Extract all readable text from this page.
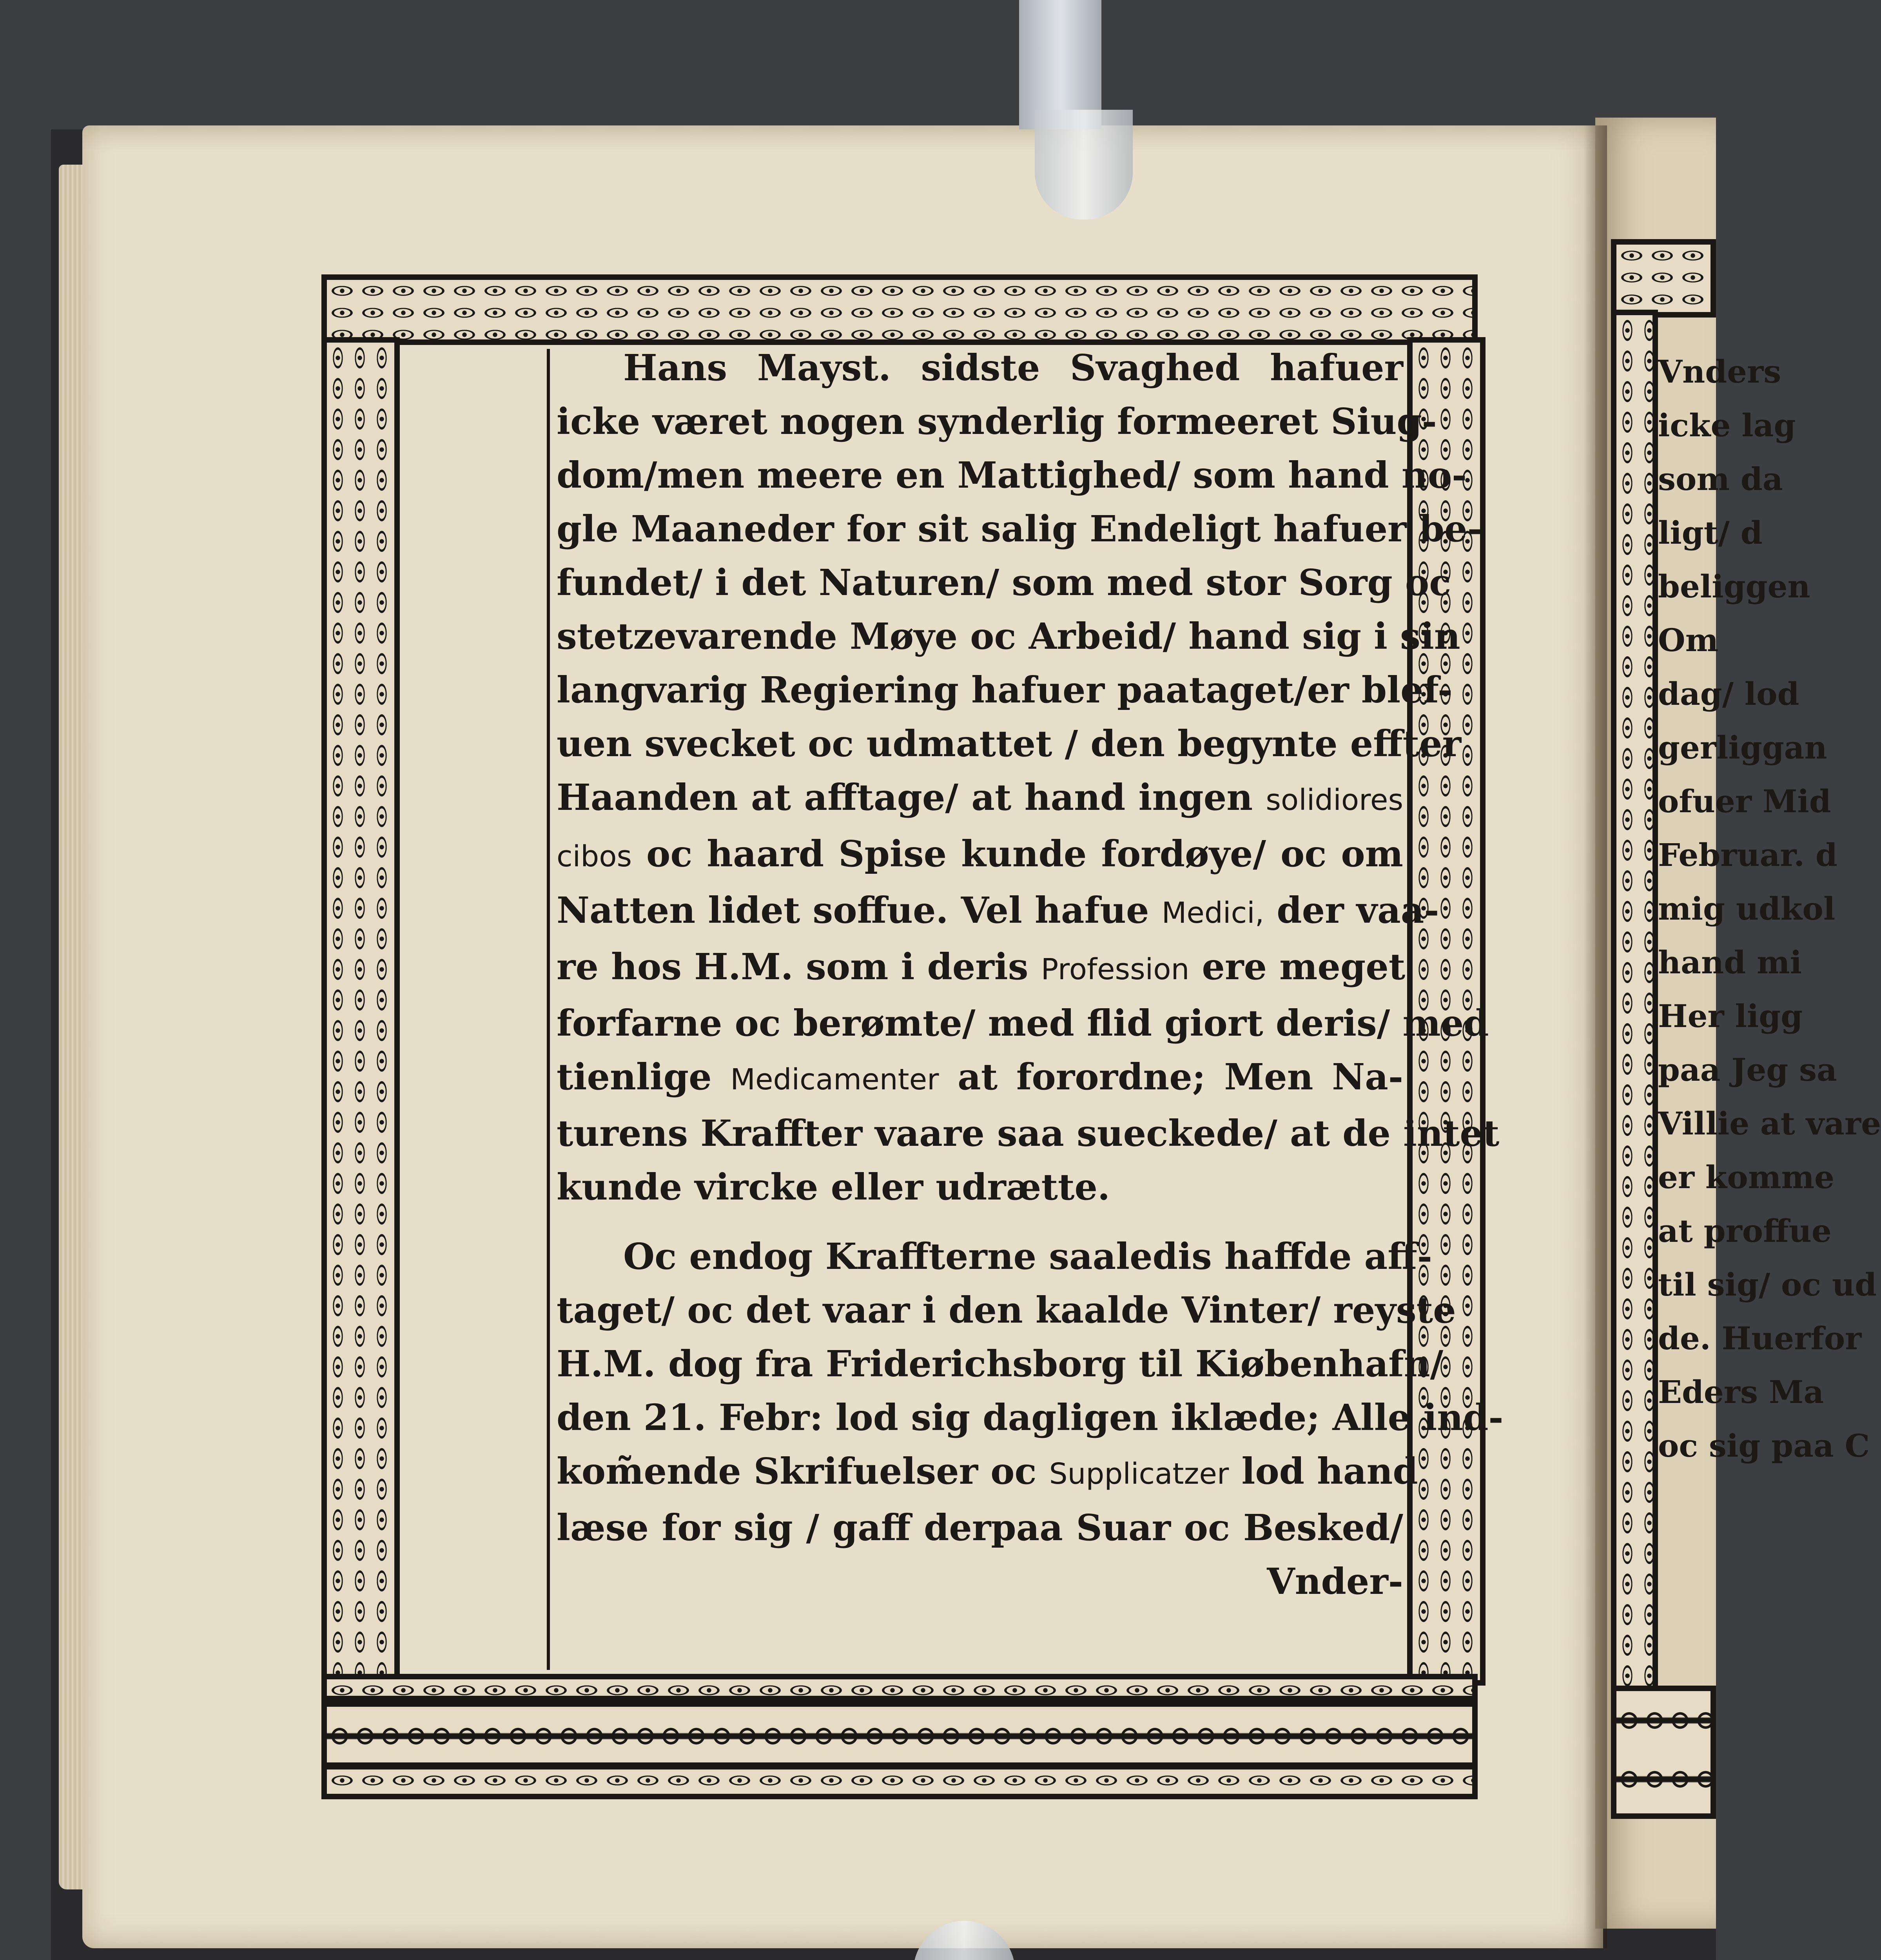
Hans Mayst. sidste Svaghed hafuer
icke været nogen synderlig formeeret Siug-
dom/men meere en Mattighed/ som hand no-
gle Maaneder for sit salig Endeligt hafuer be-
fundet/ i det Naturen/ som med stor Sorg oc
stetzevarende Møye oc Arbeid/ hand sig i sin
langvarig Regiering hafuer paataget/er blef-
uen svecket oc udmattet / den begynte effter
Haanden at afftage/ at hand ingen solidiores
cibos oc haard Spise kunde fordøye/ oc om
Natten lidet soffue. Vel hafue Medici, der vaa-
re hos H.M. som i deris Profession ere meget
forfarne oc berømte/ med flid giort deris/ med
tienlige Medicamenter at forordne; Men Na-
turens Kraffter vaare saa sueckede/ at de intet
kunde vircke eller udrætte.
Oc endog Kraffterne saaledis haffde aff-
taget/ oc det vaar i den kaalde Vinter/ reyste
H.M. dog fra Friderichsborg til Kiøbenhafn/
den 21. Febr: lod sig dagligen iklæde; Alle ind-
kom̃ende Skrifuelser oc Supplicatzer lod hand
læse for sig / gaff derpaa Suar oc Besked/
Vnder-
Vnders
icke lag
som da
ligt/ d
beliggen
Om
dag/ lod
gerliggan
ofuer Mid
Februar. d
mig udkol
hand mi
Her ligg
paa Jeg sa
Villie at vare
er komme
at proffue
til sig/ oc ud
de. Huerfor
Eders Ma
oc sig paa C
